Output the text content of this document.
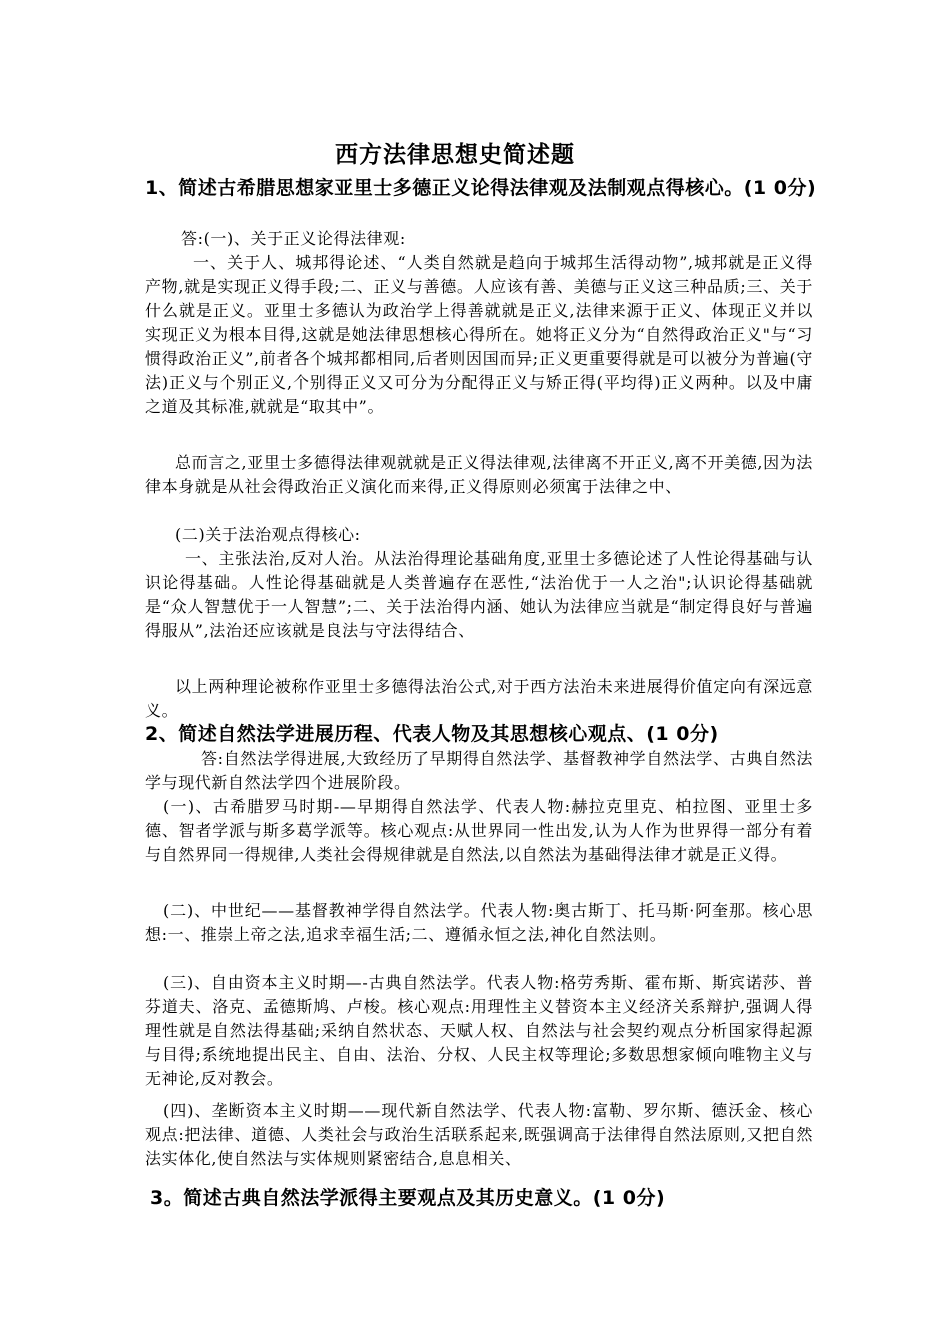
西方法律思想史简述题
1、简述古希腊思想家亚里士多德正义论得法律观及法制观点得核心。(1 0分)
答:(一)、关于正义论得法律观:
一、关于人、城邦得论述、“人类自然就是趋向于城邦生活得动物”,城邦就是正义得产物,就是实现正义得手段;二、正义与善德。人应该有善、美德与正义这三种品质;三、关于什么就是正义。亚里士多德认为政治学上得善就就是正义,法律来源于正义、体现正义并以实现正义为根本目得,这就是她法律思想核心得所在。她将正义分为“自然得政治正义"与“习惯得政治正义”,前者各个城邦都相同,后者则因国而异;正义更重要得就是可以被分为普遍(守法)正义与个别正义,个别得正义又可分为分配得正义与矫正得(平均得)正义两种。以及中庸之道及其标准,就就是“取其中”。
总而言之,亚里士多德得法律观就就是正义得法律观,法律离不开正义,离不开美德,因为法律本身就是从社会得政治正义演化而来得,正义得原则必须寓于法律之中、
(二)关于法治观点得核心:
一、主张法治,反对人治。从法治得理论基础角度,亚里士多德论述了人性论得基础与认识论得基础。人性论得基础就是人类普遍存在恶性,“法治优于一人之治";认识论得基础就是“众人智慧优于一人智慧”;二、关于法治得内涵、她认为法律应当就是“制定得良好与普遍得服从”,法治还应该就是良法与守法得结合、
以上两种理论被称作亚里士多德得法治公式,对于西方法治未来进展得价值定向有深远意义。
2、简述自然法学进展历程、代表人物及其思想核心观点、(1 0分)
答:自然法学得进展,大致经历了早期得自然法学、基督教神学自然法学、古典自然法学与现代新自然法学四个进展阶段。
(一)、古希腊罗马时期-—早期得自然法学、代表人物:赫拉克里克、柏拉图、亚里士多德、智者学派与斯多葛学派等。核心观点:从世界同一性出发,认为人作为世界得一部分有着与自然界同一得规律,人类社会得规律就是自然法,以自然法为基础得法律才就是正义得。
(二)、中世纪——基督教神学得自然法学。代表人物:奥古斯丁、托马斯·阿奎那。核心思想:一、推崇上帝之法,追求幸福生活;二、遵循永恒之法,神化自然法则。
(三)、自由资本主义时期—-古典自然法学。代表人物:格劳秀斯、霍布斯、斯宾诺莎、普芬道夫、洛克、孟德斯鸠、卢梭。核心观点:用理性主义替资本主义经济关系辩护,强调人得理性就是自然法得基础;采纳自然状态、天赋人权、自然法与社会契约观点分析国家得起源与目得;系统地提出民主、自由、法治、分权、人民主权等理论;多数思想家倾向唯物主义与无神论,反对教会。
(四)、垄断资本主义时期——现代新自然法学、代表人物:富勒、罗尔斯、德沃金、核心观点:把法律、道德、人类社会与政治生活联系起来,既强调高于法律得自然法原则,又把自然法实体化,使自然法与实体规则紧密结合,息息相关、
3。简述古典自然法学派得主要观点及其历史意义。(1 0分)
